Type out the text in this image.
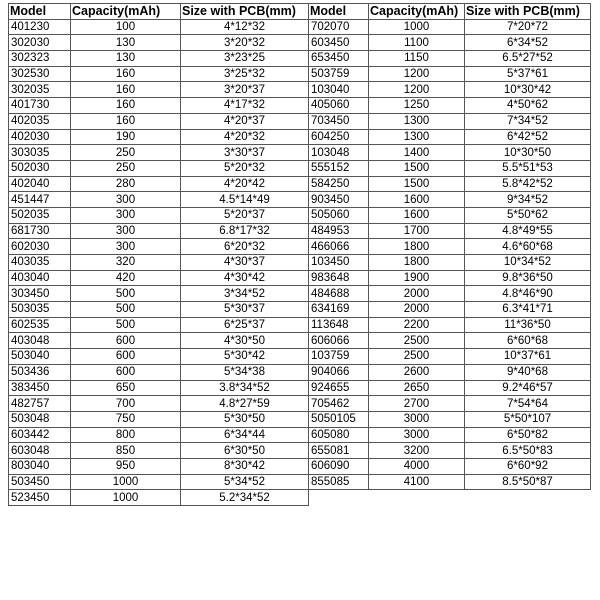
Model	Capacity(mAh)	Size with PCB(mm)	Model	Capacity(mAh)	Size with PCB(mm)
401230	100	4*12*32	702070	1000	7*20*72
302030	130	3*20*32	603450	1100	6*34*52
302323	130	3*23*25	653450	1150	6.5*27*52
302530	160	3*25*32	503759	1200	5*37*61
302035	160	3*20*37	103040	1200	10*30*42
401730	160	4*17*32	405060	1250	4*50*62
402035	160	4*20*37	703450	1300	7*34*52
402030	190	4*20*32	604250	1300	6*42*52
303035	250	3*30*37	103048	1400	10*30*50
502030	250	5*20*32	555152	1500	5.5*51*53
402040	280	4*20*42	584250	1500	5.8*42*52
451447	300	4.5*14*49	903450	1600	9*34*52
502035	300	5*20*37	505060	1600	5*50*62
681730	300	6.8*17*32	484953	1700	4.8*49*55
602030	300	6*20*32	466066	1800	4.6*60*68
403035	320	4*30*37	103450	1800	10*34*52
403040	420	4*30*42	983648	1900	9.8*36*50
303450	500	3*34*52	484688	2000	4.8*46*90
503035	500	5*30*37	634169	2000	6.3*41*71
602535	500	6*25*37	113648	2200	11*36*50
403048	600	4*30*50	606066	2500	6*60*68
503040	600	5*30*42	103759	2500	10*37*61
503436	600	5*34*38	904066	2600	9*40*68
383450	650	3.8*34*52	924655	2650	9.2*46*57
482757	700	4.8*27*59	705462	2700	7*54*64
503048	750	5*30*50	5050105	3000	5*50*107
603442	800	6*34*44	605080	3000	6*50*82
603048	850	6*30*50	655081	3200	6.5*50*83
803040	950	8*30*42	606090	4000	6*60*92
503450	1000	5*34*52	855085	4100	8.5*50*87
523450	1000	5.2*34*52			
